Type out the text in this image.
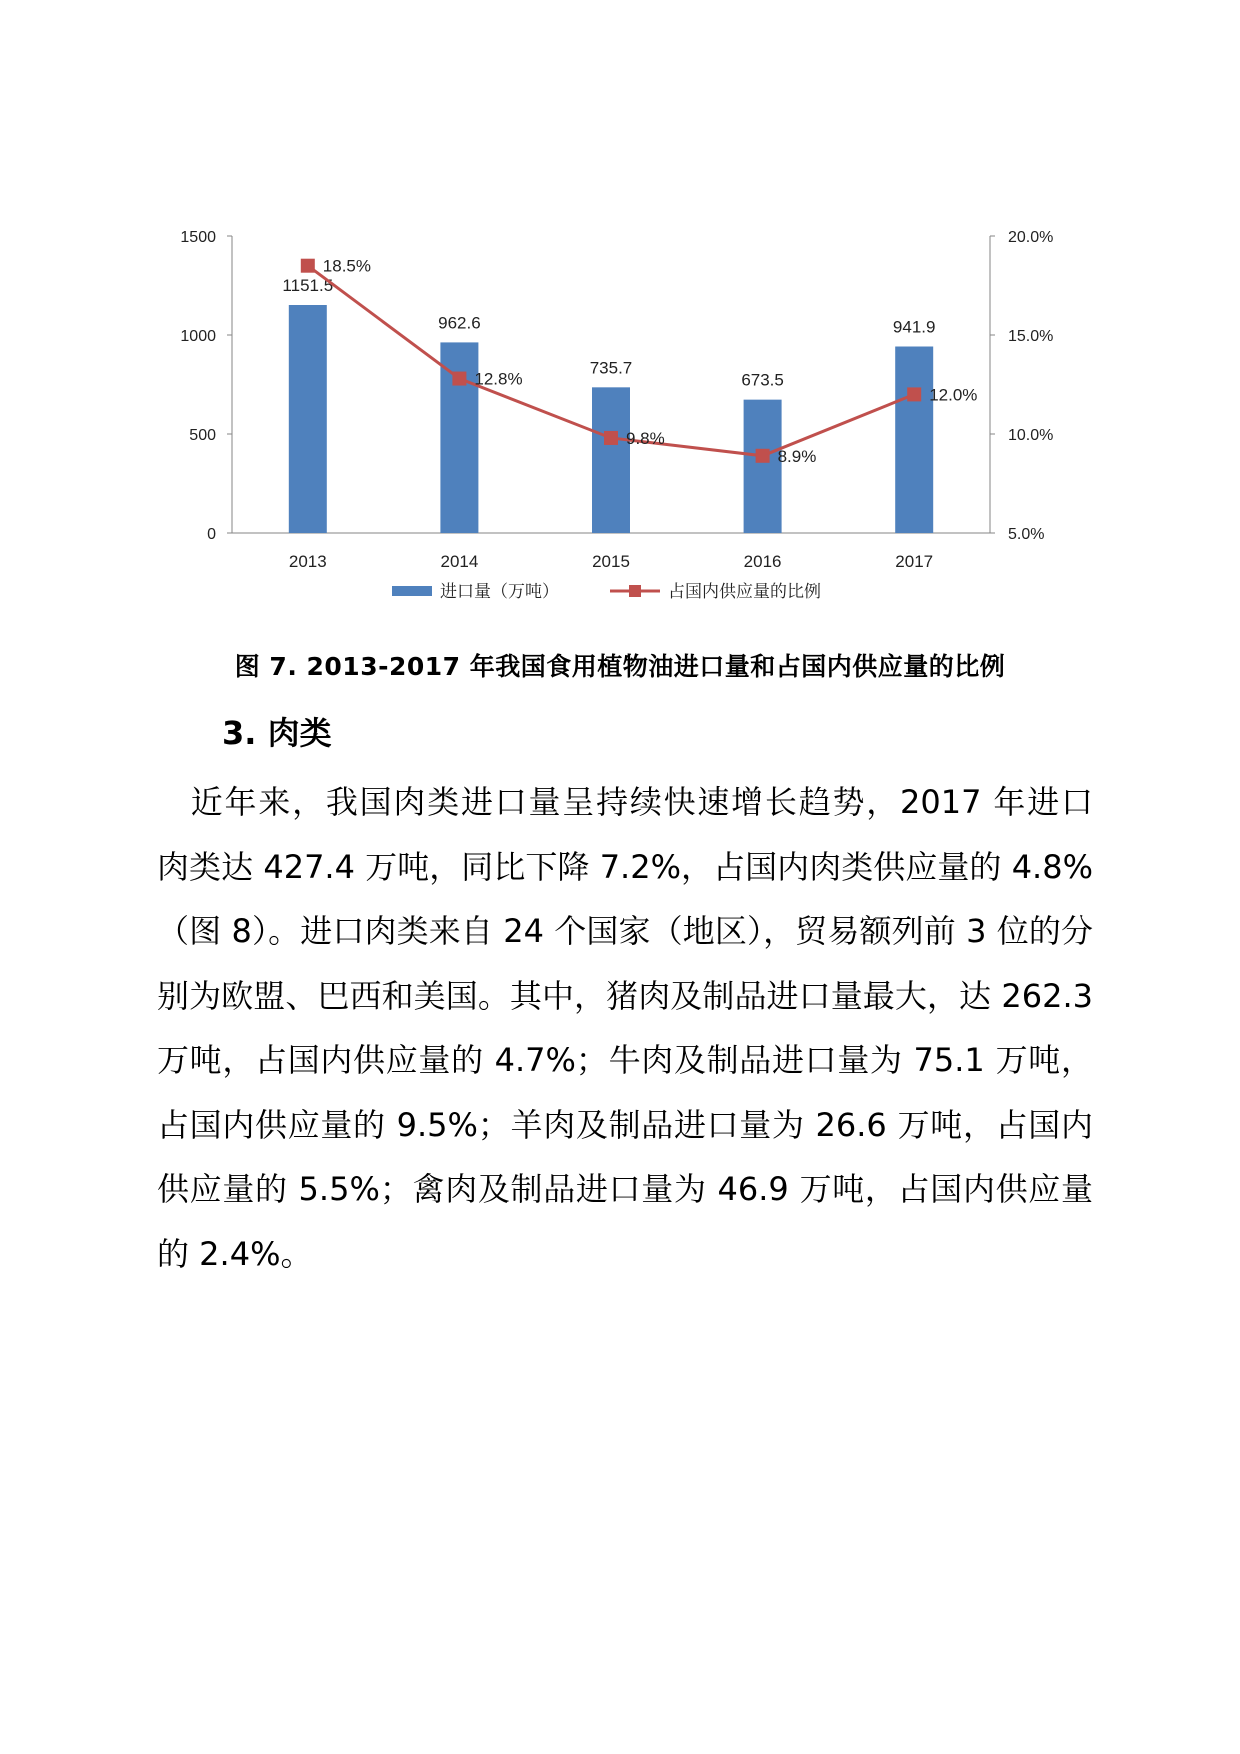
0
500
1000
1500
5.0%
10.0%
15.0%
20.0%
2013	2014	2015	2016	2017
1151.5
962.6
735.7
673.5
941.9
18.5%
12.8%
9.8%
8.9%
12.0%
进口量（万吨）	占国内供应量的比例
图 7. 2013-2017 年我国食用植物油进口量和占国内供应量的比例
3. 肉类
　近年来，我国肉类进口量呈持续快速增长趋势，2017 年进口
肉类达 427.4 万吨，同比下降 7.2%，占国内肉类供应量的 4.8%
（图 8）。进口肉类来自 24 个国家（地区），贸易额列前 3 位的分
别为欧盟、巴西和美国。其中，猪肉及制品进口量最大，达 262.3
万吨，占国内供应量的 4.7%；牛肉及制品进口量为 75.1 万吨，
占国内供应量的 9.5%；羊肉及制品进口量为 26.6 万吨，占国内
供应量的 5.5%；禽肉及制品进口量为 46.9 万吨，占国内供应量
的 2.4%。
